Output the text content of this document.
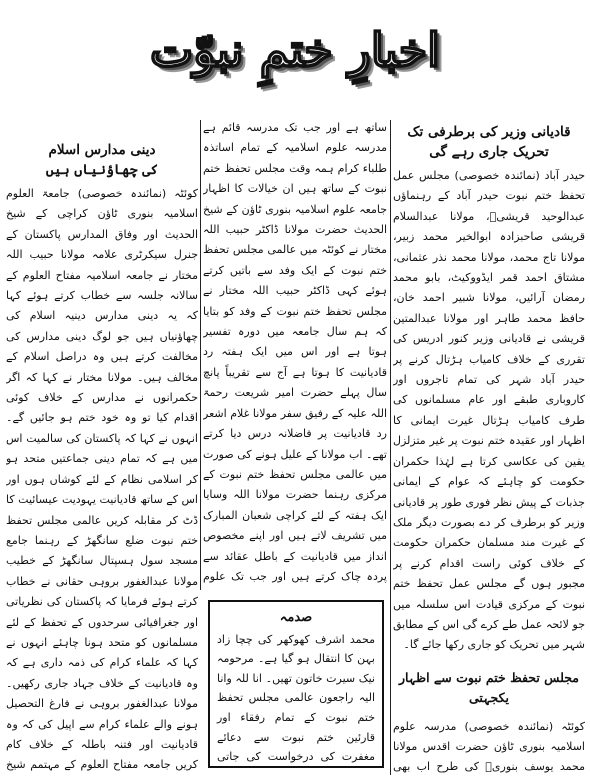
اخبارِ ختمِ نبوّت
قادیانی وزیر کی برطرفی تک
تحریک جاری رہے گی

حیدر آباد (نمائندہ خصوصی) مجلس عمل تحفظ ختم نبوت حیدر آباد کے رہنماؤں عبدالوحید قریشیؒ، مولانا عبدالسلام قریشی صاحبزادہ ابوالخیر محمد زبیر، مولانا تاج محمد، مولانا محمد نذر عثمانی، مشتاق احمد قمر ایڈووکیٹ، بابو محمد رمضان آرائیں، مولانا شبیر احمد خان، حافظ محمد طاہر اور مولانا عبدالمتین قریشی نے قادیانی وزیر کنور ادریس کی تقرری کے خلاف کامیاب ہڑتال کرنے پر حیدر آباد شہر کی تمام تاجروں اور کاروباری طبقے اور عام مسلمانوں کی طرف کامیاب ہڑتال غیرت ایمانی کا اظہار اور عقیدہ ختم نبوت پر غیر متزلزل یقین کی عکاسی کرتا ہے لہٰذا حکمران حکومت کو چاہئے کہ عوام کے ایمانی جذبات کے پیش نظر فوری طور پر قادیانی وزیر کو برطرف کر دے بصورت دیگر ملک کے غیرت مند مسلمان حکمران حکومت کے خلاف کوئی راست اقدام کرنے پر مجبور ہوں گے مجلس عمل تحفظ ختم نبوت کے مرکزی قیادت اس سلسلہ میں جو لائحہ عمل طے کرے گی اس کے مطابق شہر میں تحریک کو جاری رکھا جائے گا۔

مجلس تحفظ ختم نبوت سے اظہار یکجہتی

کوئٹہ (نمائندہ خصوصی) مدرسہ علوم اسلامیہ بنوری ٹاؤن حضرت اقدس مولانا محمد یوسف بنوریؒ کی طرح اب بھی

ساتھ ہے اور جب تک مدرسہ قائم ہے مدرسہ علوم اسلامیہ کے تمام اساتذہ طلباء کرام ہمہ وقت مجلس تحفظ ختم نبوت کے ساتھ ہیں ان خیالات کا اظہار جامعہ علوم اسلامیہ بنوری ٹاؤن کے شیخ الحدیث حضرت مولانا ڈاکٹر حبیب اللہ مختار نے کوئٹہ میں عالمی مجلس تحفظ ختم نبوت کے ایک وفد سے باتیں کرتے ہوئے کہی ڈاکٹر حبیب اللہ مختار نے مجلس تحفظ ختم نبوت کے وفد کو بتایا کہ ہم سال جامعہ میں دورہ تفسیر ہوتا ہے اور اس میں ایک ہفتہ رد قادیانیت کا ہوتا ہے آج سے تقریباً پانچ سال پہلے حضرت امیر شریعت رحمۃ اللہ علیہ کے رفیق سفر مولانا غلام اشعر رد قادیانیت پر فاضلانہ درس دیا کرتے تھے۔ اب مولانا کے علیل ہونے کی صورت میں عالمی مجلس تحفظ ختم نبوت کے مرکزی رہنما حضرت مولانا اللہ وسایا ایک ہفتہ کے لئے کراچی شعبان المبارک میں تشریف لاتے ہیں اور اپنے مخصوص انداز میں قادیانیت کے باطل عقائد سے پردہ چاک کرتے ہیں اور جب تک علوم

صدمہ
محمد اشرف کھوکھر کی چچا زاد بہن کا انتقال ہو گیا ہے۔ مرحومہ نیک سیرت خاتون تھیں۔ انا للہ وانا الیہ راجعون عالمی مجلس تحفظ ختم نبوت کے تمام رفقاء اور قارئین ختم نبوت سے دعائے مغفرت کی درخواست کی جاتی
دینی مدارس اسلام
کی چھاؤنیاں ہیں

کوئٹہ (نمائندہ خصوصی) جامعۃ العلوم اسلامیہ بنوری ٹاؤن کراچی کے شیخ الحدیث اور وفاق المدارس پاکستان کے جنرل سیکرٹری علامہ مولانا حبیب اللہ مختار نے جامعہ اسلامیہ مفتاح العلوم کے سالانہ جلسہ سے خطاب کرتے ہوئے کہا کہ یہ دینی مدارس دینیہ اسلام کی چھاؤنیاں ہیں جو لوگ دینی مدارس کی مخالفت کرتے ہیں وہ دراصل اسلام کے مخالف ہیں۔ مولانا مختار نے کہا کہ اگر حکمرانوں نے مدارس کے خلاف کوئی اقدام کیا تو وہ خود ختم ہو جائیں گے۔ انہوں نے کہا کہ پاکستان کی سالمیت اس میں ہے کہ تمام دینی جماعتیں متحد ہو کر اسلامی نظام کے لئے کوشاں ہوں اور اس کے ساتھ قادیانیت یہودیت عیسائیت کا ڈٹ کر مقابلہ کریں عالمی مجلس تحفظ ختم نبوت ضلع سانگھڑ کے رہنما جامع مسجد سول ہسپتال سانگھڑ کے خطیب مولانا عبدالغفور بروہی حقانی نے خطاب کرتے ہوئے فرمایا کہ پاکستان کی نظریاتی اور جغرافیائی سرحدوں کے تحفظ کے لئے مسلمانوں کو متحد ہونا چاہئے انہوں نے کہا کہ علماء کرام کی ذمہ داری ہے کہ وہ قادیانیت کے خلاف جہاد جاری رکھیں۔ مولانا عبدالغفور بروہی نے فارغ التحصیل ہونے والے علماء کرام سے اپیل کی کہ وہ قادیانیت اور فتنہ باطلہ کے خلاف کام کریں جامعہ مفتاح العلوم کے مہتمم شیخ
